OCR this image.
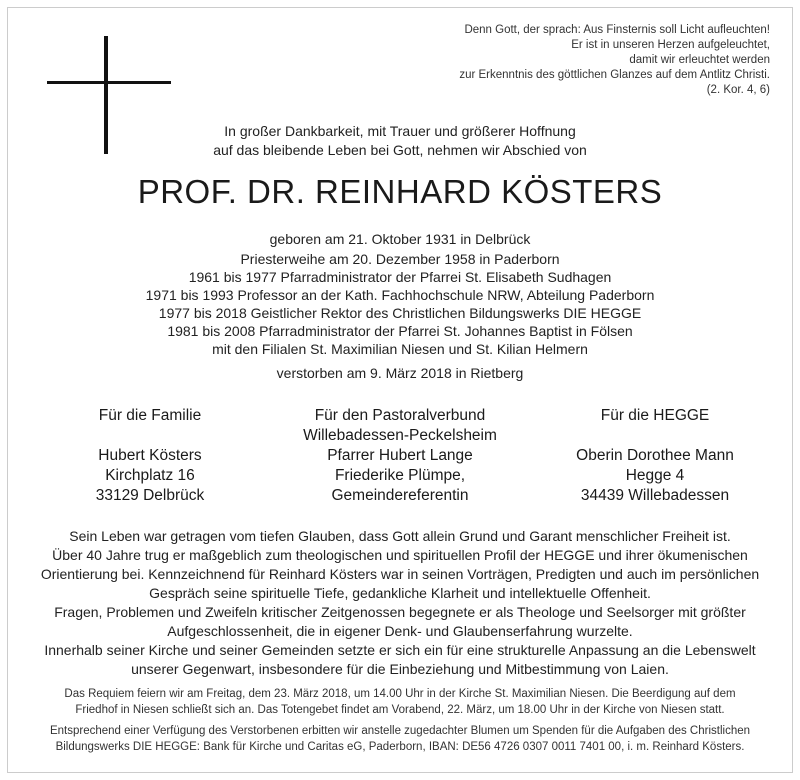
Denn Gott, der sprach: Aus Finsternis soll Licht aufleuchten!
Er ist in unseren Herzen aufgeleuchtet,
damit wir erleuchtet werden
zur Erkenntnis des göttlichen Glanzes auf dem Antlitz Christi.
(2. Kor. 4, 6)
In großer Dankbarkeit, mit Trauer und größerer Hoffnung
auf das bleibende Leben bei Gott, nehmen wir Abschied von
PROF. DR. REINHARD KÖSTERS
geboren am 21. Oktober 1931 in Delbrück
Priesterweihe am 20. Dezember 1958 in Paderborn
1961 bis 1977 Pfarradministrator der Pfarrei St. Elisabeth Sudhagen
1971 bis 1993 Professor an der Kath. Fachhochschule NRW, Abteilung Paderborn
1977 bis 2018 Geistlicher Rektor des Christlichen Bildungswerks DIE HEGGE
1981 bis 2008 Pfarradministrator der Pfarrei St. Johannes Baptist in Fölsen
mit den Filialen St. Maximilian Niesen und St. Kilian Helmern
verstorben am 9. März 2018 in Rietberg
Für die Familie
Hubert Kösters
Kirchplatz 16
33129 Delbrück
Für den Pastoralverbund
Willebadessen-Peckelsheim
Pfarrer Hubert Lange
Friederike Plümpe,
Gemeindereferentin
Für die HEGGE
Oberin Dorothee Mann
Hegge 4
34439 Willebadessen
Sein Leben war getragen vom tiefen Glauben, dass Gott allein Grund und Garant menschlicher Freiheit ist.
Über 40 Jahre trug er maßgeblich zum theologischen und spirituellen Profil der HEGGE und ihrer ökumenischen
Orientierung bei. Kennzeichnend für Reinhard Kösters war in seinen Vorträgen, Predigten und auch im persönlichen
Gespräch seine spirituelle Tiefe, gedankliche Klarheit und intellektuelle Offenheit.
Fragen, Problemen und Zweifeln kritischer Zeitgenossen begegnete er als Theologe und Seelsorger mit größter
Aufgeschlossenheit, die in eigener Denk- und Glaubenserfahrung wurzelte.
Innerhalb seiner Kirche und seiner Gemeinden setzte er sich ein für eine strukturelle Anpassung an die Lebenswelt
unserer Gegenwart, insbesondere für die Einbeziehung und Mitbestimmung von Laien.
Das Requiem feiern wir am Freitag, dem 23. März 2018, um 14.00 Uhr in der Kirche St. Maximilian Niesen. Die Beerdigung auf dem
Friedhof in Niesen schließt sich an. Das Totengebet findet am Vorabend, 22. März, um 18.00 Uhr in der Kirche von Niesen statt.
Entsprechend einer Verfügung des Verstorbenen erbitten wir anstelle zugedachter Blumen um Spenden für die Aufgaben des Christlichen
Bildungswerks DIE HEGGE: Bank für Kirche und Caritas eG, Paderborn, IBAN: DE56 4726 0307 0011 7401 00, i. m. Reinhard Kösters.
